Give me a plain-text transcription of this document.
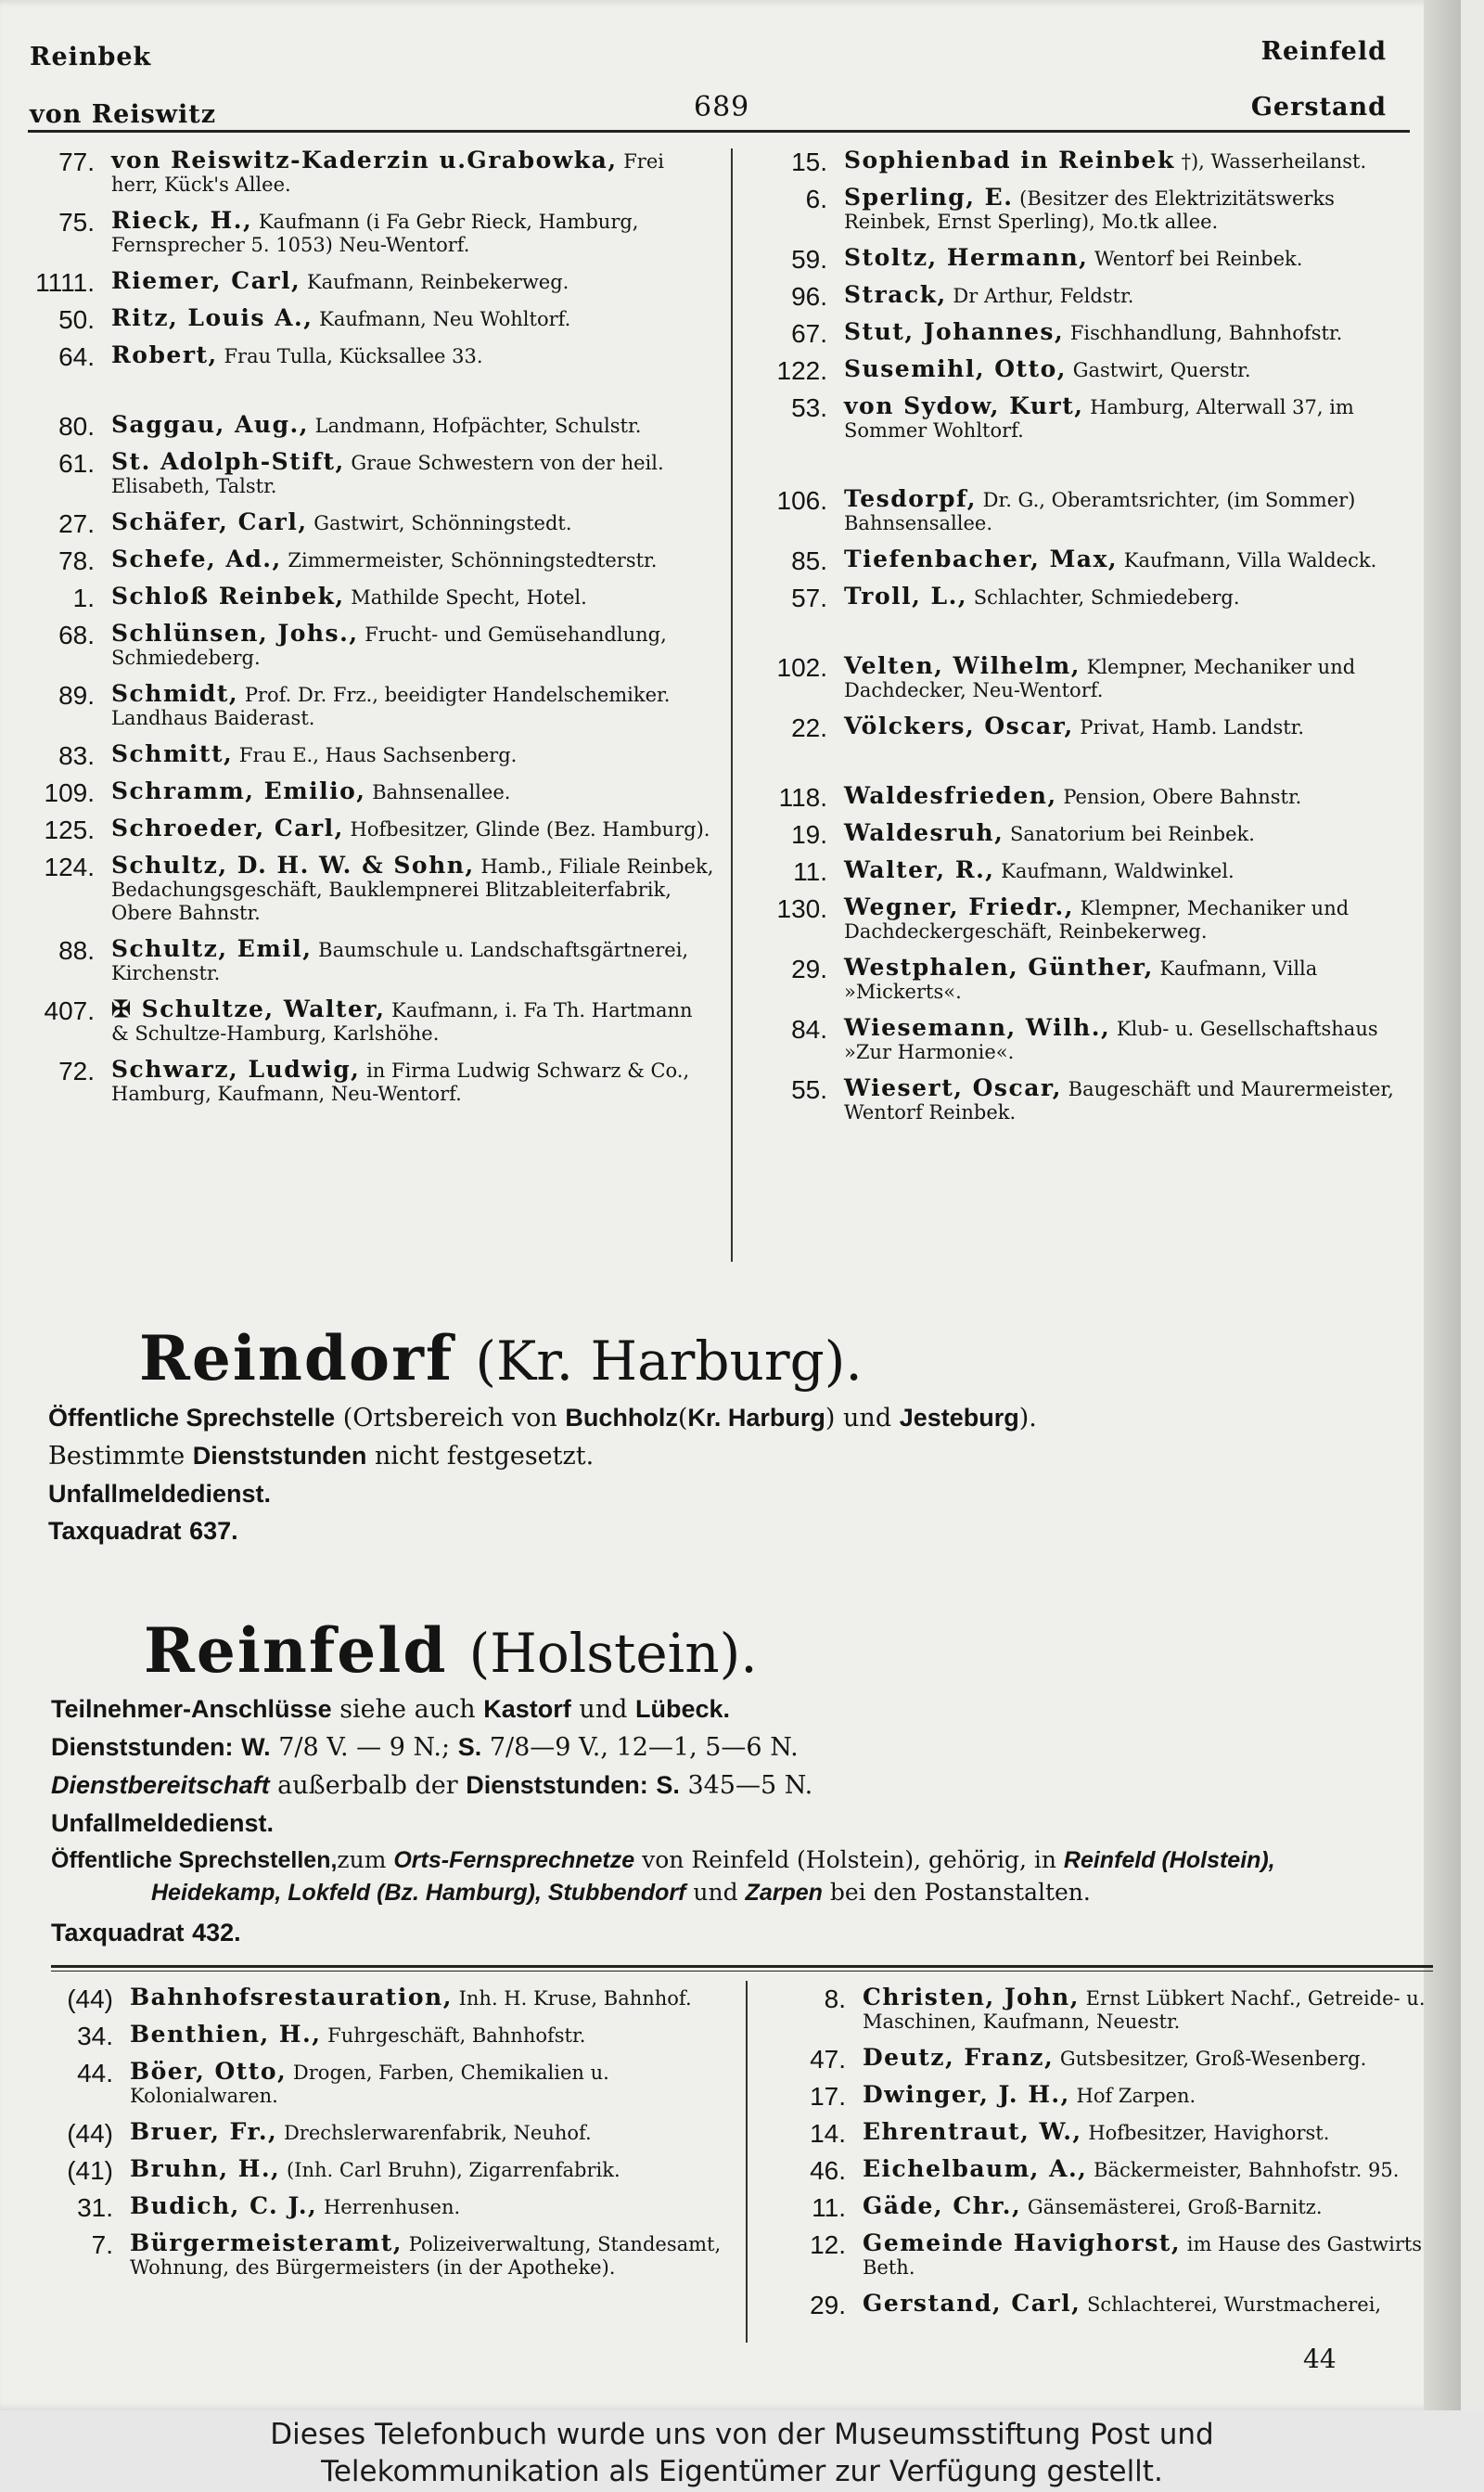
Reinbek
von Reiswitz	689
Reinfeld
Gerstand
77. von Reiswitz-Kaderzin u.Grabowka, Frei herr, Kück's Allee.
75. Rieck, H., Kaufmann (i Fa Gebr Rieck, Hamburg, Fernsprecher 5. 1053) Neu-Wentorf.
1111. Riemer, Carl, Kaufmann, Reinbekerweg.
50. Ritz, Louis A., Kaufmann, Neu Wohltorf.
64. Robert, Frau Tulla, Kücksallee 33.
80. Saggau, Aug., Landmann, Hofpächter, Schulstr.
61. St. Adolph-Stift, Graue Schwestern von der heil. Elisabeth, Talstr.
27. Schäfer, Carl, Gastwirt, Schönningstedt.
78. Schefe, Ad., Zimmermeister, Schönningstedterstr.
1. Schloß Reinbek, Mathilde Specht, Hotel.
68. Schlünsen, Johs., Frucht- und Gemüsehandlung, Schmiedeberg.
89. Schmidt, Prof. Dr. Frz., beeidigter Handelschemiker. Landhaus Baiderast.
83. Schmitt, Frau E., Haus Sachsenberg.
109. Schramm, Emilio, Bahnsenallee.
125. Schroeder, Carl, Hofbesitzer, Glinde (Bez. Hamburg).
124. Schultz, D. H. W. & Sohn, Hamb., Filiale Reinbek, Bedachungsgeschäft, Bauklempnerei Blitzableiterfabrik, Obere Bahnstr.
88. Schultz, Emil, Baumschule u. Landschaftsgärtnerei, Kirchenstr.
407. ✠ Schultze, Walter, Kaufmann, i. Fa Th. Hartmann & Schultze-Hamburg, Karlshöhe.
72. Schwarz, Ludwig, in Firma Ludwig Schwarz & Co., Hamburg, Kaufmann, Neu-Wentorf.
15. Sophienbad in Reinbek †), Wasserheilanst.
6. Sperling, E. (Besitzer des Elektrizitätswerks Reinbek, Ernst Sperling), Mo.tk allee.
59. Stoltz, Hermann, Wentorf bei Reinbek.
96. Strack, Dr Arthur, Feldstr.
67. Stut, Johannes, Fischhandlung, Bahnhofstr.
122. Susemihl, Otto, Gastwirt, Querstr.
53. von Sydow, Kurt, Hamburg, Alterwall 37, im Sommer Wohltorf.
106. Tesdorpf, Dr. G., Oberamtsrichter, (im Sommer) Bahnsensallee.
85. Tiefenbacher, Max, Kaufmann, Villa Waldeck.
57. Troll, L., Schlachter, Schmiedeberg.
102. Velten, Wilhelm, Klempner, Mechaniker und Dachdecker, Neu-Wentorf.
22. Völckers, Oscar, Privat, Hamb. Landstr.
118. Waldesfrieden, Pension, Obere Bahnstr.
19. Waldesruh, Sanatorium bei Reinbek.
11. Walter, R., Kaufmann, Waldwinkel.
130. Wegner, Friedr., Klempner, Mechaniker und Dachdeckergeschäft, Reinbekerweg.
29. Westphalen, Günther, Kaufmann, Villa »Mickerts«.
84. Wiesemann, Wilh., Klub- u. Gesellschaftshaus »Zur Harmonie«.
55. Wiesert, Oscar, Baugeschäft und Maurermeister, Wentorf Reinbek.
Reindorf (Kr. Harburg).
Öffentliche Sprechstelle (Ortsbereich von Buchholz(Kr. Harburg) und Jesteburg).
Bestimmte Dienststunden nicht festgesetzt.
Unfallmeldedienst.
Taxquadrat 637.
Reinfeld (Holstein).
Teilnehmer-Anschlüsse siehe auch Kastorf und Lübeck.
Dienststunden: W. 7/8 V. — 9 N.; S. 7/8—9 V., 12—1, 5—6 N.
Dienstbereitschaft außerbalb der Dienststunden: S. 345—5 N.
Unfallmeldedienst.
Öffentliche Sprechstellen,zum Orts-Fernsprechnetze von Reinfeld (Holstein), gehörig, in Reinfeld (Holstein),
Heidekamp, Lokfeld (Bz. Hamburg), Stubbendorf und Zarpen bei den Postanstalten.
Taxquadrat 432.
(44) Bahnhofsrestauration, Inh. H. Kruse, Bahnhof.
34. Benthien, H., Fuhrgeschäft, Bahnhofstr.
44. Böer, Otto, Drogen, Farben, Chemikalien u. Kolonialwaren.
(44) Bruer, Fr., Drechslerwarenfabrik, Neuhof.
(41) Bruhn, H., (Inh. Carl Bruhn), Zigarrenfabrik.
31. Budich, C. J., Herrenhusen.
7. Bürgermeisteramt, Polizeiverwaltung, Standesamt, Wohnung, des Bürgermeisters (in der Apotheke).
8. Christen, John, Ernst Lübkert Nachf., Getreide- u. Maschinen, Kaufmann, Neuestr.
47. Deutz, Franz, Gutsbesitzer, Groß-Wesenberg.
17. Dwinger, J. H., Hof Zarpen.
14. Ehrentraut, W., Hofbesitzer, Havighorst.
46. Eichelbaum, A., Bäckermeister, Bahnhofstr. 95.
11. Gäde, Chr., Gänsemästerei, Groß-Barnitz.
12. Gemeinde Havighorst, im Hause des Gastwirts Beth.
29. Gerstand, Carl, Schlachterei, Wurstmacherei,
44
Dieses Telefonbuch wurde uns von der Museumsstiftung Post und
Telekommunikation als Eigentümer zur Verfügung gestellt.
